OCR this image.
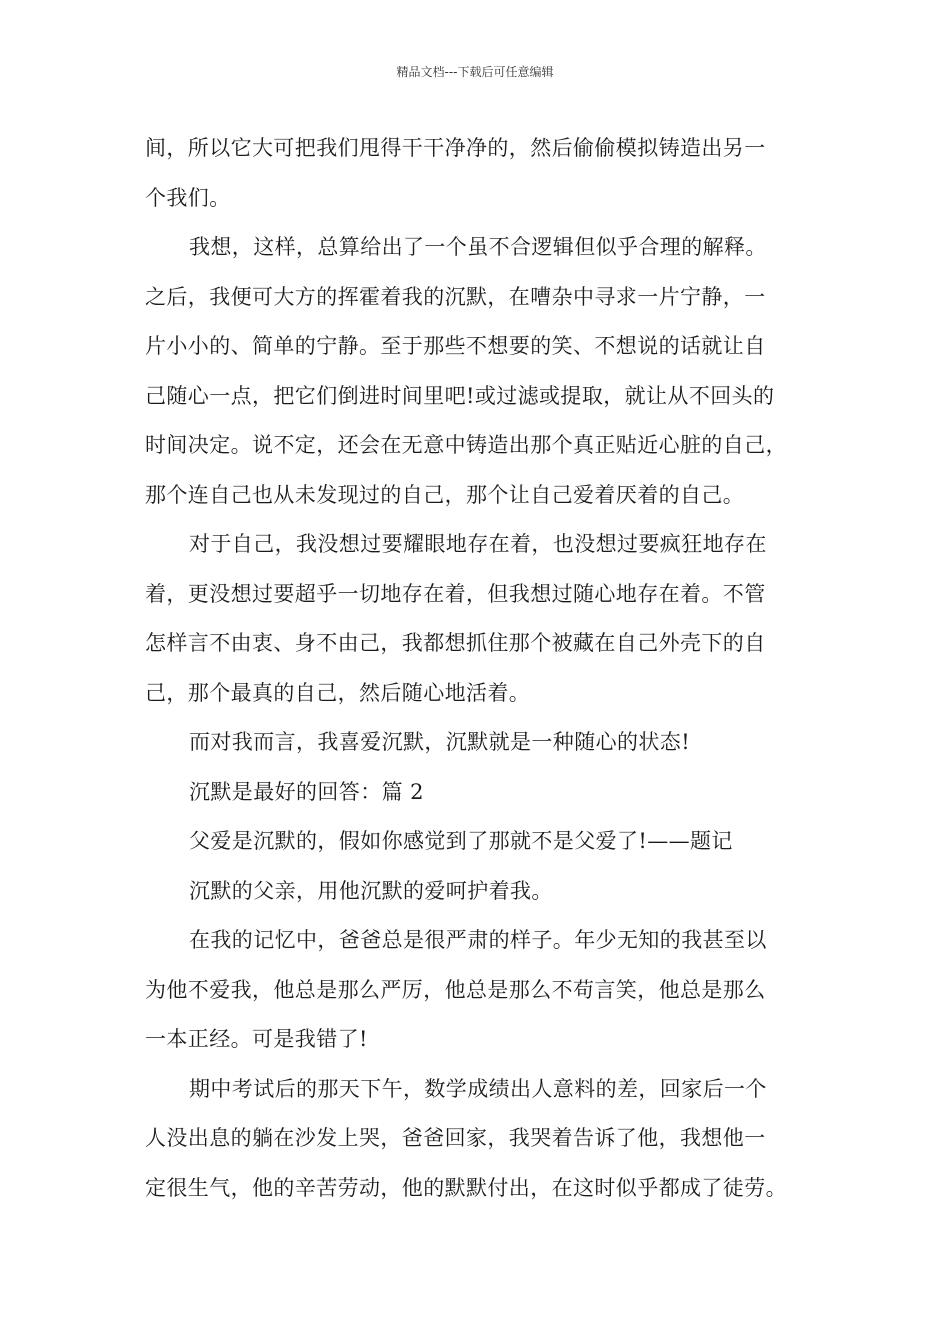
精品文档---下载后可任意编辑
间，所以它大可把我们甩得干干净净的，然后偷偷模拟铸造出另一
个我们。
我想，这样，总算给出了一个虽不合逻辑但似乎合理的解释。
之后，我便可大方的挥霍着我的沉默，在嘈杂中寻求一片宁静，一
片小小的、简单的宁静。至于那些不想要的笑、不想说的话就让自
己随心一点，把它们倒进时间里吧!或过滤或提取，就让从不回头的
时间决定。说不定，还会在无意中铸造出那个真正贴近心脏的自己，
那个连自己也从未发现过的自己，那个让自己爱着厌着的自己。
对于自己，我没想过要耀眼地存在着，也没想过要疯狂地存在
着，更没想过要超乎一切地存在着，但我想过随心地存在着。不管
怎样言不由衷、身不由己，我都想抓住那个被藏在自己外壳下的自
己，那个最真的自己，然后随心地活着。
而对我而言，我喜爱沉默，沉默就是一种随心的状态!
沉默是最好的回答：篇 2
父爱是沉默的，假如你感觉到了那就不是父爱了!——题记
沉默的父亲，用他沉默的爱呵护着我。
在我的记忆中，爸爸总是很严肃的样子。年少无知的我甚至以
为他不爱我，他总是那么严厉，他总是那么不苟言笑，他总是那么
一本正经。可是我错了!
期中考试后的那天下午，数学成绩出人意料的差，回家后一个
人没出息的躺在沙发上哭，爸爸回家，我哭着告诉了他，我想他一
定很生气，他的辛苦劳动，他的默默付出，在这时似乎都成了徒劳。
